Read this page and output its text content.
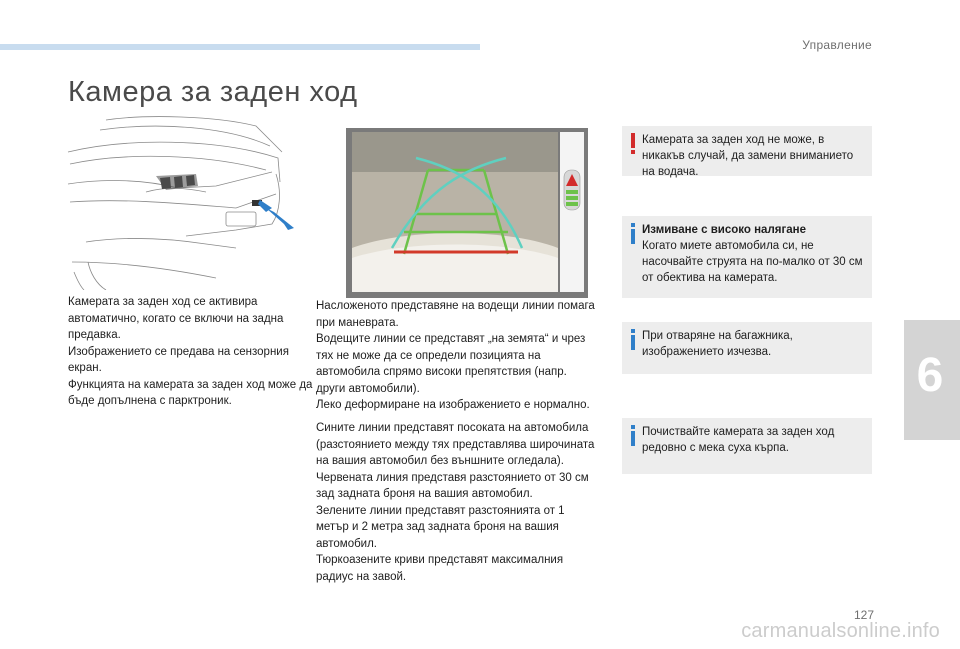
Управление
Камера за заден ход

Камерата за заден ход се активира автоматично, когато се включи на задна предавка.

Изображението се предава на сензорния екран.

Функцията на камерата за заден ход може да бъде допълнена с парктроник.

Насложеното представяне на водещи линии помага при маневрата.

Водещите линии се представят „на земята“ и чрез тях не може да се определи позицията на автомобила спрямо високи препятствия (напр. други автомобили).

Леко деформиране на изображението е нормално.

Сините линии представят посоката на автомобила (разстоянието между тях представлява широчината на вашия автомобил без външните огледала).

Червената линия представя разстоянието от 30 см зад задната броня на вашия автомобил.

Зелените линии представят разстоянията от 1 метър и 2 метра зад задната броня на вашия автомобил.

Тюркоазените криви представят максималния радиус на завой.

Камерата за заден ход не може, в никакъв случай, да замени вниманието на водача.

Измиване с високо налягане

Когато миете автомобила си, не насочвайте струята на по-малко от 30 см от обектива на камерата.

При отваряне на багажника, изображението изчезва.

Почиствайте камерата за заден ход редовно с мека суха кърпа.

6
127
carmanualsonline.info
